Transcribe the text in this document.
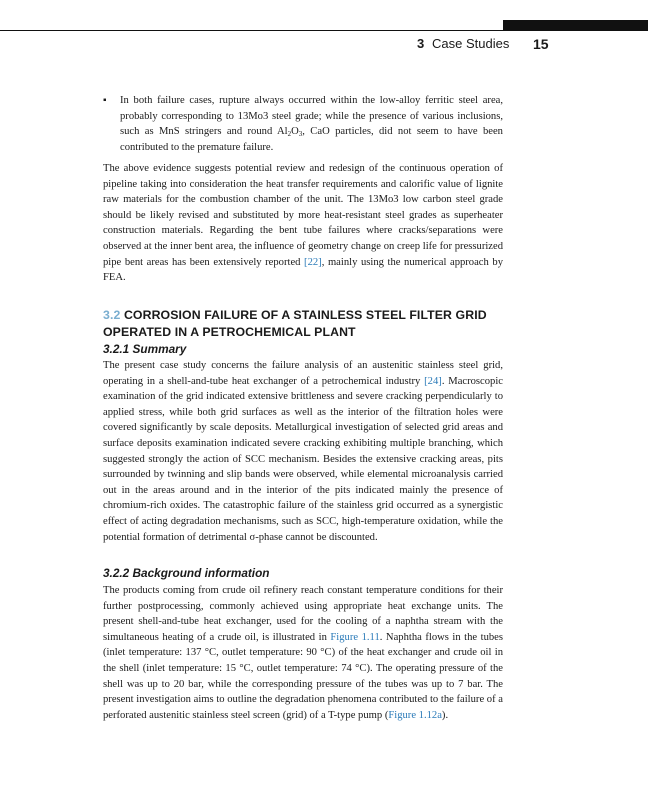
3 Case Studies 15
▪ In both failure cases, rupture always occurred within the low-alloy ferritic steel area, probably corresponding to 13Mo3 steel grade; while the presence of various inclusions, such as MnS stringers and round $Al_2O_3$, CaO particles, did not seem to have been contributed to the premature failure.

The above evidence suggests potential review and redesign of the continuous operation of pipeline taking into consideration the heat transfer requirements and calorific value of lignite raw materials for the combustion chamber of the unit. The 13Mo3 low carbon steel grade should be likely revised and substituted by more heat-resistant steel grades as superheater construction materials. Regarding the bent tube failures where cracks/separations were observed at the inner bent area, the influence of geometry change on creep life for pressurized pipe bent areas has been extensively reported [22], mainly using the numerical approach by FEA.

3.2 CORROSION FAILURE OF A STAINLESS STEEL FILTER GRID OPERATED IN A PETROCHEMICAL PLANT
3.2.1 Summary

The present case study concerns the failure analysis of an austenitic stainless steel grid, operating in a shell-and-tube heat exchanger of a petrochemical industry [24]. Macroscopic examination of the grid indicated extensive brittleness and severe cracking perpendicularly to applied stress, while both grid surfaces as well as the interior of the filtration holes were covered significantly by scale deposits. Metallurgical investigation of selected grid areas and surface deposits examination indicated severe cracking exhibiting multiple branching, which suggested strongly the action of SCC mechanism. Besides the extensive cracking areas, pits surrounded by twinning and slip bands were observed, while elemental microanalysis carried out in the areas around and in the interior of the pits indicated mainly the presence of chromium-rich oxides. The catastrophic failure of the stainless grid occurred as a synergistic effect of acting degradation mechanisms, such as SCC, high-temperature oxidation, while the potential formation of detrimental σ-phase cannot be discounted.

3.2.2 Background information

The products coming from crude oil refinery reach constant temperature conditions for their further postprocessing, commonly achieved using appropriate heat exchange units. The present shell-and-tube heat exchanger, used for the cooling of a naphtha stream with the simultaneous heating of a crude oil, is illustrated in Figure 1.11. Naphtha flows in the tubes (inlet temperature: 137 °C, outlet temperature: 90 °C) of the heat exchanger and crude oil in the shell (inlet temperature: 15 °C, outlet temperature: 74 °C). The operating pressure of the shell was up to 20 bar, while the corresponding pressure of the tubes was up to 7 bar. The present investigation aims to outline the degradation phenomena contributed to the failure of a perforated austenitic stainless steel screen (grid) of a T-type pump (Figure 1.12a).
